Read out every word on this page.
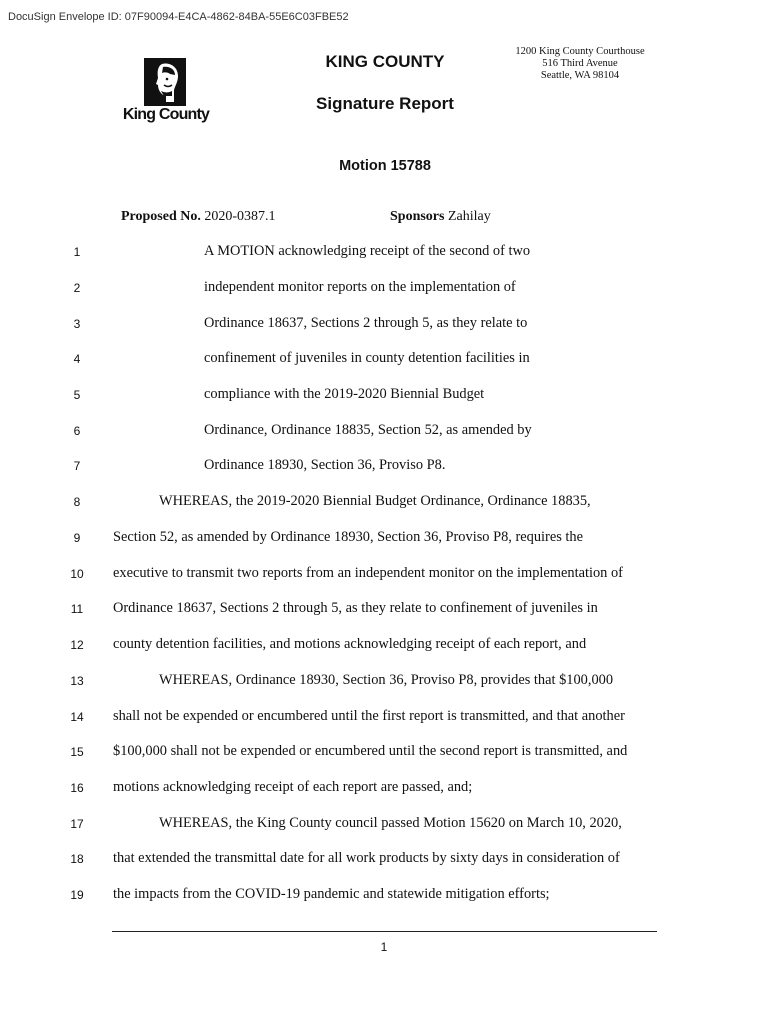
DocuSign Envelope ID: 07F90094-E4CA-4862-84BA-55E6C03FBE52
King County
KING COUNTY
Signature Report
1200 King County Courthouse
516 Third Avenue
Seattle, WA 98104
Motion 15788
Proposed No. 2020-0387.1	Sponsors Zahilay
1	A MOTION acknowledging receipt of the second of two
2	independent monitor reports on the implementation of
3	Ordinance 18637, Sections 2 through 5, as they relate to
4	confinement of juveniles in county detention facilities in
5	compliance with the 2019-2020 Biennial Budget
6	Ordinance, Ordinance 18835, Section 52, as amended by
7	Ordinance 18930, Section 36, Proviso P8.
8	WHEREAS, the 2019-2020 Biennial Budget Ordinance, Ordinance 18835,
9	Section 52, as amended by Ordinance 18930, Section 36, Proviso P8, requires the
10	executive to transmit two reports from an independent monitor on the implementation of
11	Ordinance 18637, Sections 2 through 5, as they relate to confinement of juveniles in
12	county detention facilities, and motions acknowledging receipt of each report, and
13	WHEREAS, Ordinance 18930, Section 36, Proviso P8, provides that $100,000
14	shall not be expended or encumbered until the first report is transmitted, and that another
15	$100,000 shall not be expended or encumbered until the second report is transmitted, and
16	motions acknowledging receipt of each report are passed, and;
17	WHEREAS, the King County council passed Motion 15620 on March 10, 2020,
18	that extended the transmittal date for all work products by sixty days in consideration of
19	the impacts from the COVID-19 pandemic and statewide mitigation efforts;
1
